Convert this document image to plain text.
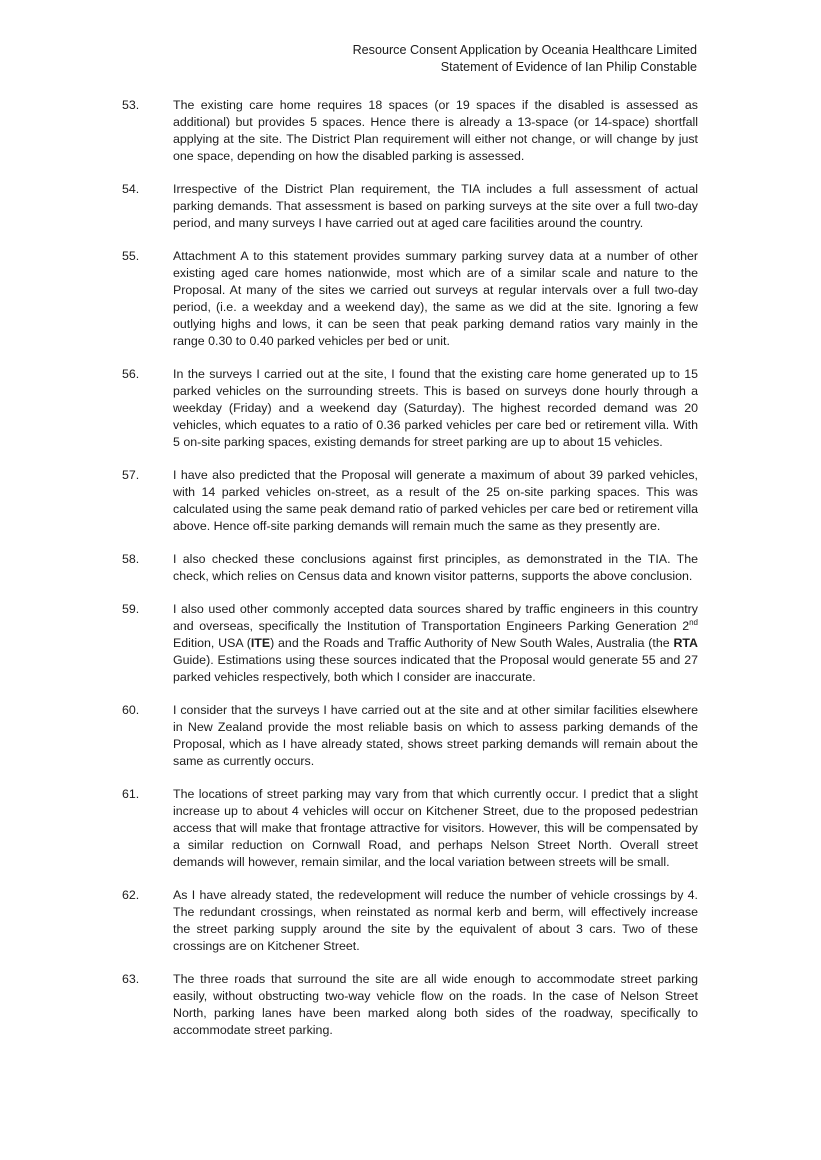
Resource Consent Application by Oceania Healthcare Limited
Statement of Evidence of Ian Philip Constable
53.	The existing care home requires 18 spaces (or 19 spaces if the disabled is assessed as additional) but provides 5 spaces. Hence there is already a 13-space (or 14-space) shortfall applying at the site. The District Plan requirement will either not change, or will change by just one space, depending on how the disabled parking is assessed.
54.	Irrespective of the District Plan requirement, the TIA includes a full assessment of actual parking demands. That assessment is based on parking surveys at the site over a full two-day period, and many surveys I have carried out at aged care facilities around the country.
55.	Attachment A to this statement provides summary parking survey data at a number of other existing aged care homes nationwide, most which are of a similar scale and nature to the Proposal. At many of the sites we carried out surveys at regular intervals over a full two-day period, (i.e. a weekday and a weekend day), the same as we did at the site. Ignoring a few outlying highs and lows, it can be seen that peak parking demand ratios vary mainly in the range 0.30 to 0.40 parked vehicles per bed or unit.
56.	In the surveys I carried out at the site, I found that the existing care home generated up to 15 parked vehicles on the surrounding streets. This is based on surveys done hourly through a weekday (Friday) and a weekend day (Saturday). The highest recorded demand was 20 vehicles, which equates to a ratio of 0.36 parked vehicles per care bed or retirement villa. With 5 on-site parking spaces, existing demands for street parking are up to about 15 vehicles.
57.	I have also predicted that the Proposal will generate a maximum of about 39 parked vehicles, with 14 parked vehicles on-street, as a result of the 25 on-site parking spaces. This was calculated using the same peak demand ratio of parked vehicles per care bed or retirement villa above. Hence off-site parking demands will remain much the same as they presently are.
58.	I also checked these conclusions against first principles, as demonstrated in the TIA. The check, which relies on Census data and known visitor patterns, supports the above conclusion.
59.	I also used other commonly accepted data sources shared by traffic engineers in this country and overseas, specifically the Institution of Transportation Engineers Parking Generation 2nd Edition, USA (ITE) and the Roads and Traffic Authority of New South Wales, Australia (the RTA Guide). Estimations using these sources indicated that the Proposal would generate 55 and 27 parked vehicles respectively, both which I consider are inaccurate.
60.	I consider that the surveys I have carried out at the site and at other similar facilities elsewhere in New Zealand provide the most reliable basis on which to assess parking demands of the Proposal, which as I have already stated, shows street parking demands will remain about the same as currently occurs.
61.	The locations of street parking may vary from that which currently occur. I predict that a slight increase up to about 4 vehicles will occur on Kitchener Street, due to the proposed pedestrian access that will make that frontage attractive for visitors. However, this will be compensated by a similar reduction on Cornwall Road, and perhaps Nelson Street North. Overall street demands will however, remain similar, and the local variation between streets will be small.
62.	As I have already stated, the redevelopment will reduce the number of vehicle crossings by 4. The redundant crossings, when reinstated as normal kerb and berm, will effectively increase the street parking supply around the site by the equivalent of about 3 cars. Two of these crossings are on Kitchener Street.
63.	The three roads that surround the site are all wide enough to accommodate street parking easily, without obstructing two-way vehicle flow on the roads. In the case of Nelson Street North, parking lanes have been marked along both sides of the roadway, specifically to accommodate street parking.
